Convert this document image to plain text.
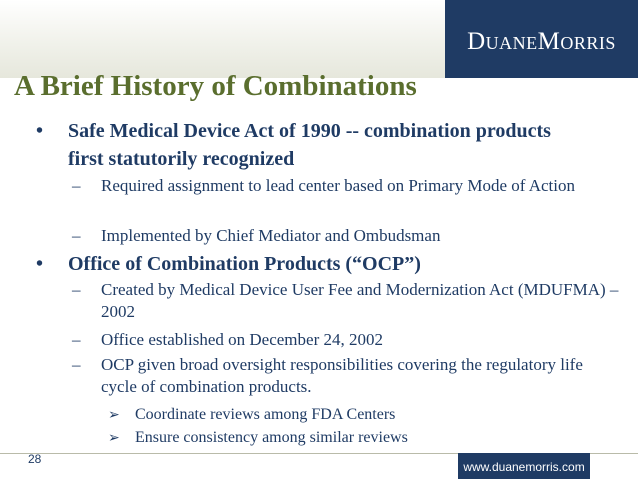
DuaneMorris
A Brief History of Combinations
• Safe Medical Device Act of 1990 -- combination products first statutorily recognized
– Required assignment to lead center based on Primary Mode of Action
– Implemented by Chief Mediator and Ombudsman
• Office of Combination Products (“OCP”)
– Created by Medical Device User Fee and Modernization Act (MDUFMA) – 2002
– Office established on December 24, 2002
– OCP given broad oversight responsibilities covering the regulatory life cycle of combination products.
➢ Coordinate reviews among FDA Centers
➢ Ensure consistency among similar reviews
28
www.duanemorris.com
